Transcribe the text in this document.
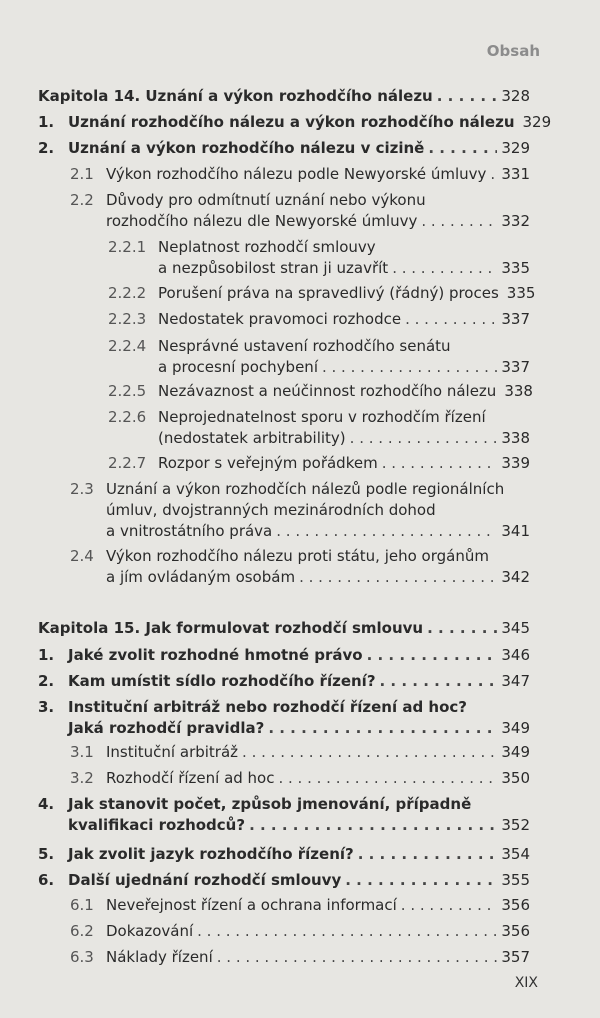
Obsah
Kapitola 14. Uznání a výkon rozhodčího nálezu . . .	328
1. Uznání rozhodčího nálezu a výkon rozhodčího nálezu 329
2. Uznání a výkon rozhodčího nálezu v cizině . . .	329
2.1 Výkon rozhodčího nálezu podle Newyorské úmluvy . . . 331
2.2 Důvody pro odmítnutí uznání nebo výkonu
rozhodčího nálezu dle Newyorské úmluvy . . .	332
2.2.1 Neplatnost rozhodčí smlouvy
a nezpůsobilost stran ji uzavřít . . .	335
2.2.2 Porušení práva na spravedlivý (řádný) proces 335
2.2.3 Nedostatek pravomoci rozhodce . . .	337
2.2.4 Nesprávné ustavení rozhodčího senátu
a procesní pochybení . . .	337
2.2.5 Nezávaznost a neúčinnost rozhodčího nálezu 338
2.2.6 Neprojednatelnost sporu v rozhodčím řízení
(nedostatek arbitrability) . . .	338
2.2.7 Rozpor s veřejným pořádkem . . .	339
2.3 Uznání a výkon rozhodčích nálezů podle regionálních
úmluv, dvojstranných mezinárodních dohod
a vnitrostátního práva . . .	341
2.4 Výkon rozhodčího nálezu proti státu, jeho orgánům
a jím ovládaným osobám . . .	342
Kapitola 15. Jak formulovat rozhodčí smlouvu . . .	345
1. Jaké zvolit rozhodné hmotné právo . . .	346
2. Kam umístit sídlo rozhodčího řízení? . . .	347
3. Instituční arbitráž nebo rozhodčí řízení ad hoc?
Jaká rozhodčí pravidla? . . .	349
3.1 Instituční arbitráž . . .	349
3.2 Rozhodčí řízení ad hoc . . .	350
4. Jak stanovit počet, způsob jmenování, případně
kvalifikaci rozhodců? . . .	352
5. Jak zvolit jazyk rozhodčího řízení? . . .	354
6. Další ujednání rozhodčí smlouvy . . .	355
6.1 Neveřejnost řízení a ochrana informací . . .	356
6.2 Dokazování . . .	356
6.3 Náklady řízení . . .	357
XIX
